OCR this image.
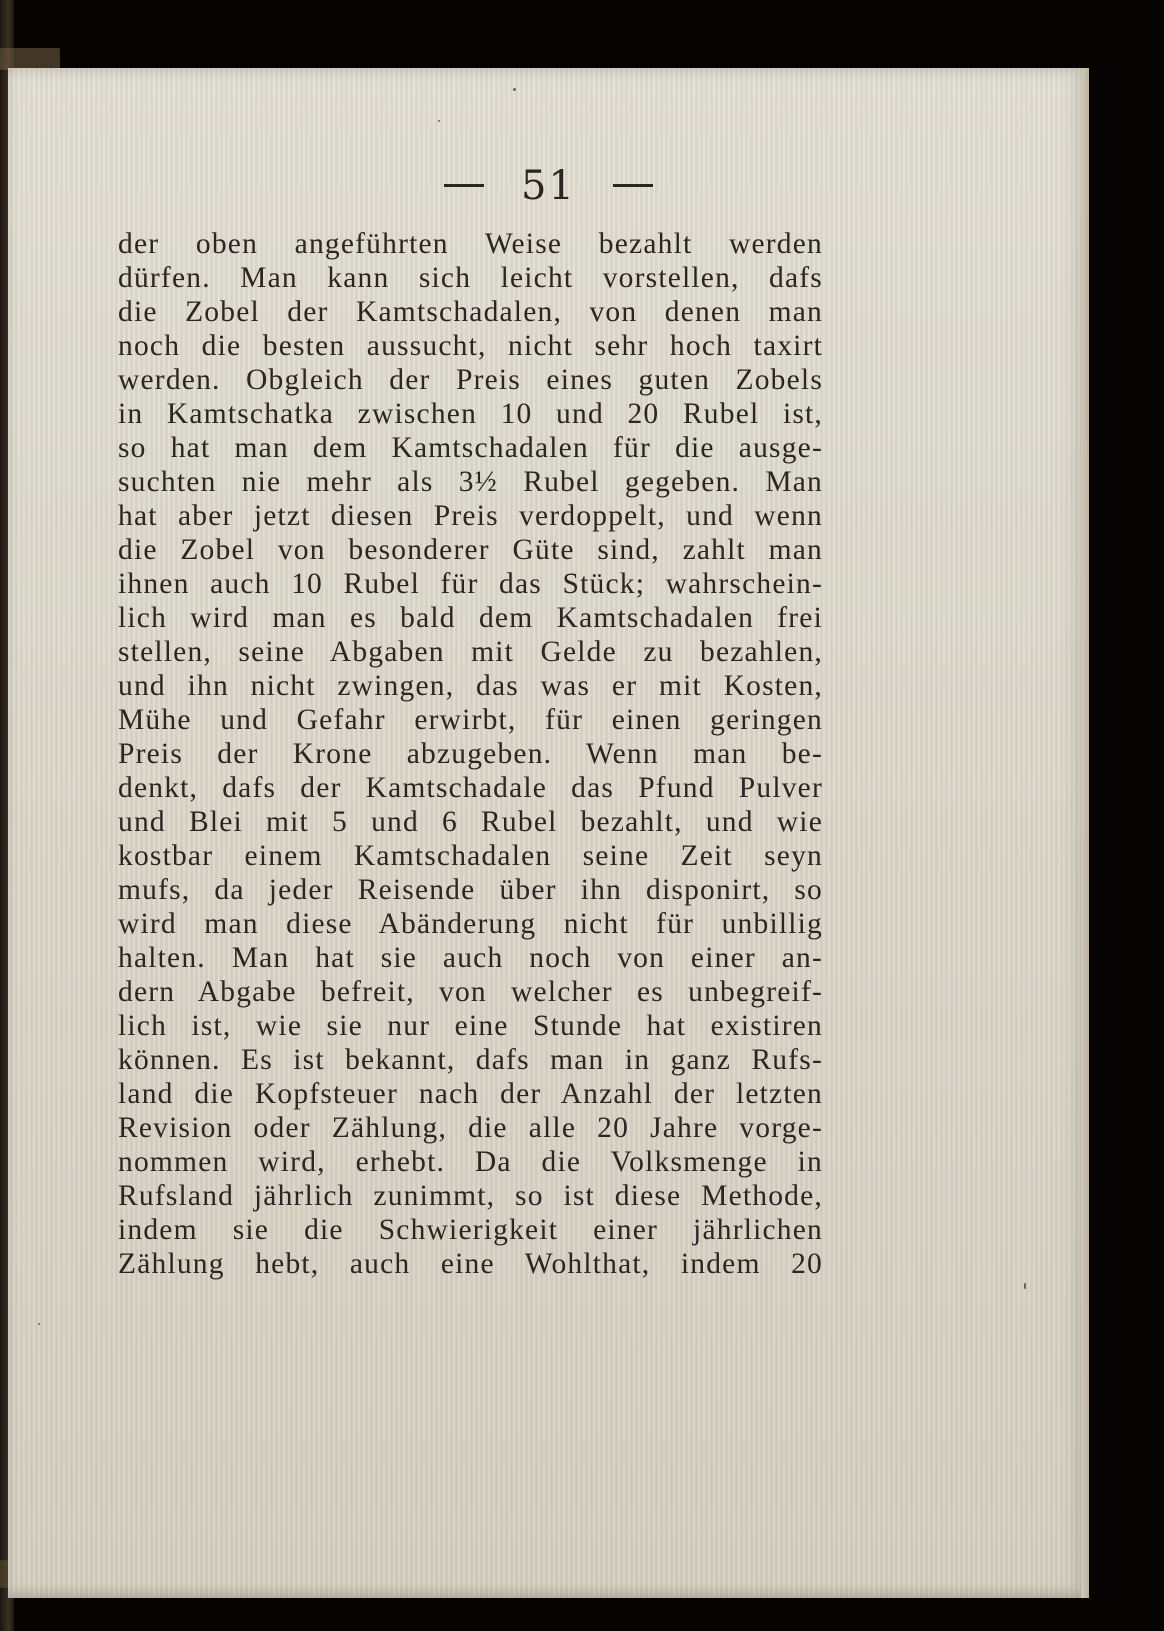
51
der oben angeführten Weise bezahlt werden
dürfen. Man kann sich leicht vorstellen, dafs
die Zobel der Kamtschadalen, von denen man
noch die besten aussucht, nicht sehr hoch taxirt
werden. Obgleich der Preis eines guten Zobels
in Kamtschatka zwischen 10 und 20 Rubel ist,
so hat man dem Kamtschadalen für die ausge-
suchten nie mehr als 3½ Rubel gegeben. Man
hat aber jetzt diesen Preis verdoppelt, und wenn
die Zobel von besonderer Güte sind, zahlt man
ihnen auch 10 Rubel für das Stück; wahrschein-
lich wird man es bald dem Kamtschadalen frei
stellen, seine Abgaben mit Gelde zu bezahlen,
und ihn nicht zwingen, das was er mit Kosten,
Mühe und Gefahr erwirbt, für einen geringen
Preis der Krone abzugeben. Wenn man be-
denkt, dafs der Kamtschadale das Pfund Pulver
und Blei mit 5 und 6 Rubel bezahlt, und wie
kostbar einem Kamtschadalen seine Zeit seyn
mufs, da jeder Reisende über ihn disponirt, so
wird man diese Abänderung nicht für unbillig
halten. Man hat sie auch noch von einer an-
dern Abgabe befreit, von welcher es unbegreif-
lich ist, wie sie nur eine Stunde hat existiren
können. Es ist bekannt, dafs man in ganz Rufs-
land die Kopfsteuer nach der Anzahl der letzten
Revision oder Zählung, die alle 20 Jahre vorge-
nommen wird, erhebt. Da die Volksmenge in
Rufsland jährlich zunimmt, so ist diese Methode,
indem sie die Schwierigkeit einer jährlichen
Zählung hebt, auch eine Wohlthat, indem 20
